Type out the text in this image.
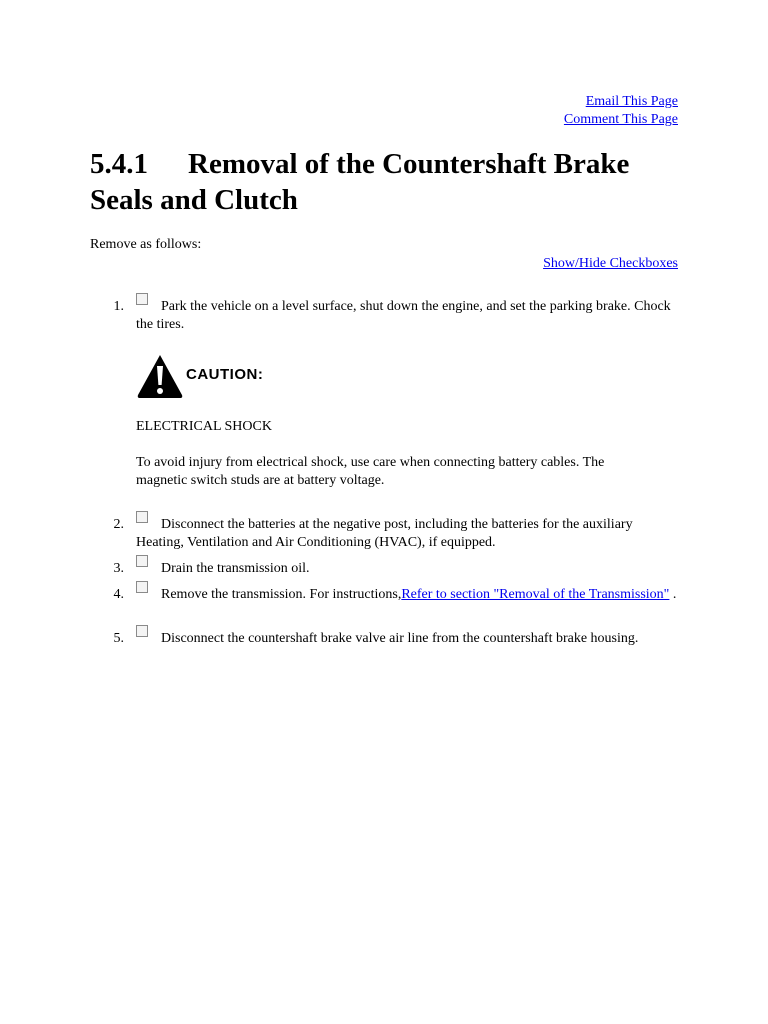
Email This Page
Comment This Page
5.4.1 Removal of the Countershaft Brake Seals and Clutch
Remove as follows:
Show/Hide Checkboxes
1.	Park the vehicle on a level surface, shut down the engine, and set the parking brake. Chock the tires.
CAUTION:
ELECTRICAL SHOCK
To avoid injury from electrical shock, use care when connecting battery cables. The magnetic switch studs are at battery voltage.
2.	Disconnect the batteries at the negative post, including the batteries for the auxiliary Heating, Ventilation and Air Conditioning (HVAC), if equipped.
3.	Drain the transmission oil.
4.	Remove the transmission. For instructions,Refer to section "Removal of the Transmission" .
5.	Disconnect the countershaft brake valve air line from the countershaft brake housing.
